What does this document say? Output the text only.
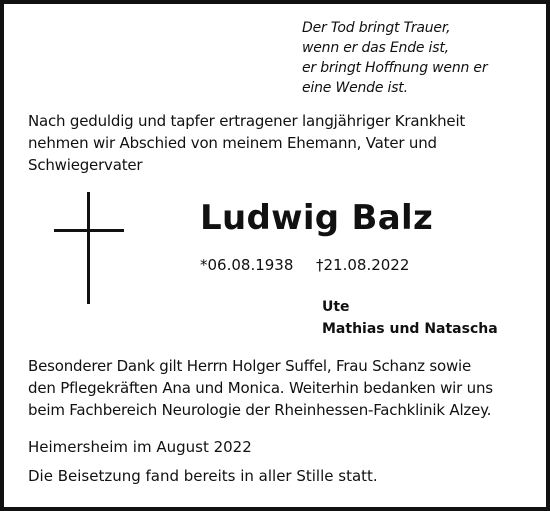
Der Tod bringt Trauer,
wenn er das Ende ist,
er bringt Hoffnung wenn er
eine Wende ist.
Nach geduldig und tapfer ertragener langjähriger Krankheit
nehmen wir Abschied von meinem Ehemann, Vater und
Schwiegervater
Ludwig Balz
*06.08.1938 †21.08.2022
Ute
Mathias und Natascha
Besonderer Dank gilt Herrn Holger Suffel, Frau Schanz sowie
den Pflegekräften Ana und Monica. Weiterhin bedanken wir uns
beim Fachbereich Neurologie der Rheinhessen-Fachklinik Alzey.
Heimersheim im August 2022
Die Beisetzung fand bereits in aller Stille statt.
